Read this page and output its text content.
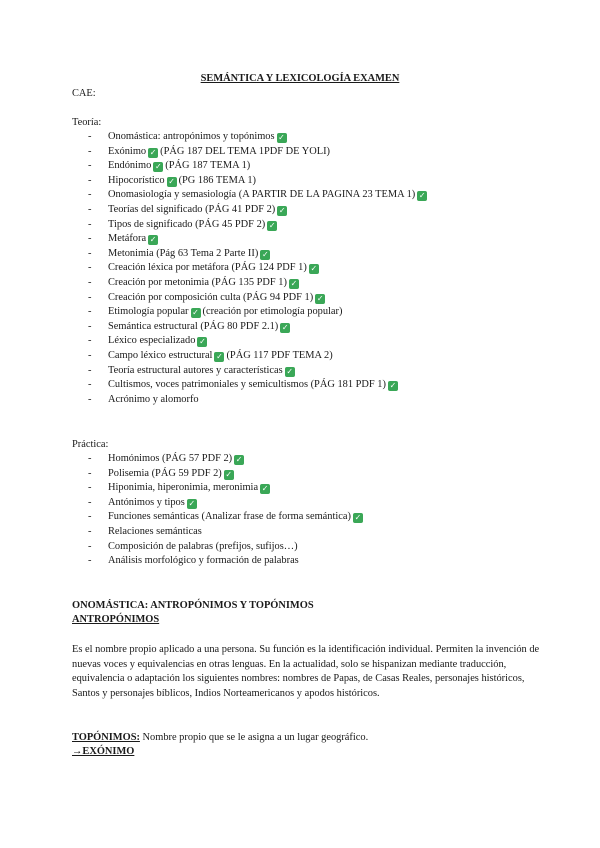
SEMÁNTICA Y LEXICOLOGÍA EXAMEN
CAE:
Teoría:
- Onomástica: antropónimos y topónimos ✓
- Exónimo ✓ (PÁG 187 DEL TEMA 1PDF DE YOLI)
- Endónimo ✓ (PÁG 187 TEMA 1)
- Hipocorístico ✓ (PG 186 TEMA 1)
- Onomasiología y semasiología (A PARTIR DE LA PAGINA 23 TEMA 1) ✓
- Teorías del significado (PÁG 41 PDF 2) ✓
- Tipos de significado (PÁG 45 PDF 2) ✓
- Metáfora ✓
- Metonimia (Pág 63 Tema 2 Parte II) ✓
- Creación léxica por metáfora (PÁG 124 PDF 1) ✓
- Creación por metonimia (PÁG 135 PDF 1) ✓
- Creación por composición culta (PÁG 94 PDF 1) ✓
- Etimología popular ✓ (creación por etimología popular)
- Semántica estructural (PÁG 80 PDF 2.1) ✓
- Léxico especializado ✓
- Campo léxico estructural ✓ (PÁG 117 PDF TEMA 2)
- Teoría estructural autores y características ✓
- Cultismos, voces patrimoniales y semicultismos (PÁG 181 PDF 1) ✓
- Acrónimo y alomorfo
Práctica:
- Homónimos (PÁG 57 PDF 2) ✓
- Polisemia (PÁG 59 PDF 2) ✓
- Hiponimia, hiperonimia, meronimia ✓
- Antónimos y tipos ✓
- Funciones semánticas (Analizar frase de forma semántica) ✓
- Relaciones semánticas
- Composición de palabras (prefijos, sufijos…)
- Análisis morfológico y formación de palabras
ONOMÁSTICA: ANTROPÓNIMOS Y TOPÓNIMOS
ANTROPÓNIMOS
Es el nombre propio aplicado a una persona. Su función es la identificación individual. Permiten la invención de nuevas voces y equivalencias en otras lenguas. En la actualidad, solo se hispanizan mediante traducción, equivalencia o adaptación los siguientes nombres: nombres de Papas, de Casas Reales, personajes históricos, Santos y personajes bíblicos, Indios Norteamericanos y apodos históricos.
TOPÓNIMOS: Nombre propio que se le asigna a un lugar geográfico.
→EXÓNIMO
